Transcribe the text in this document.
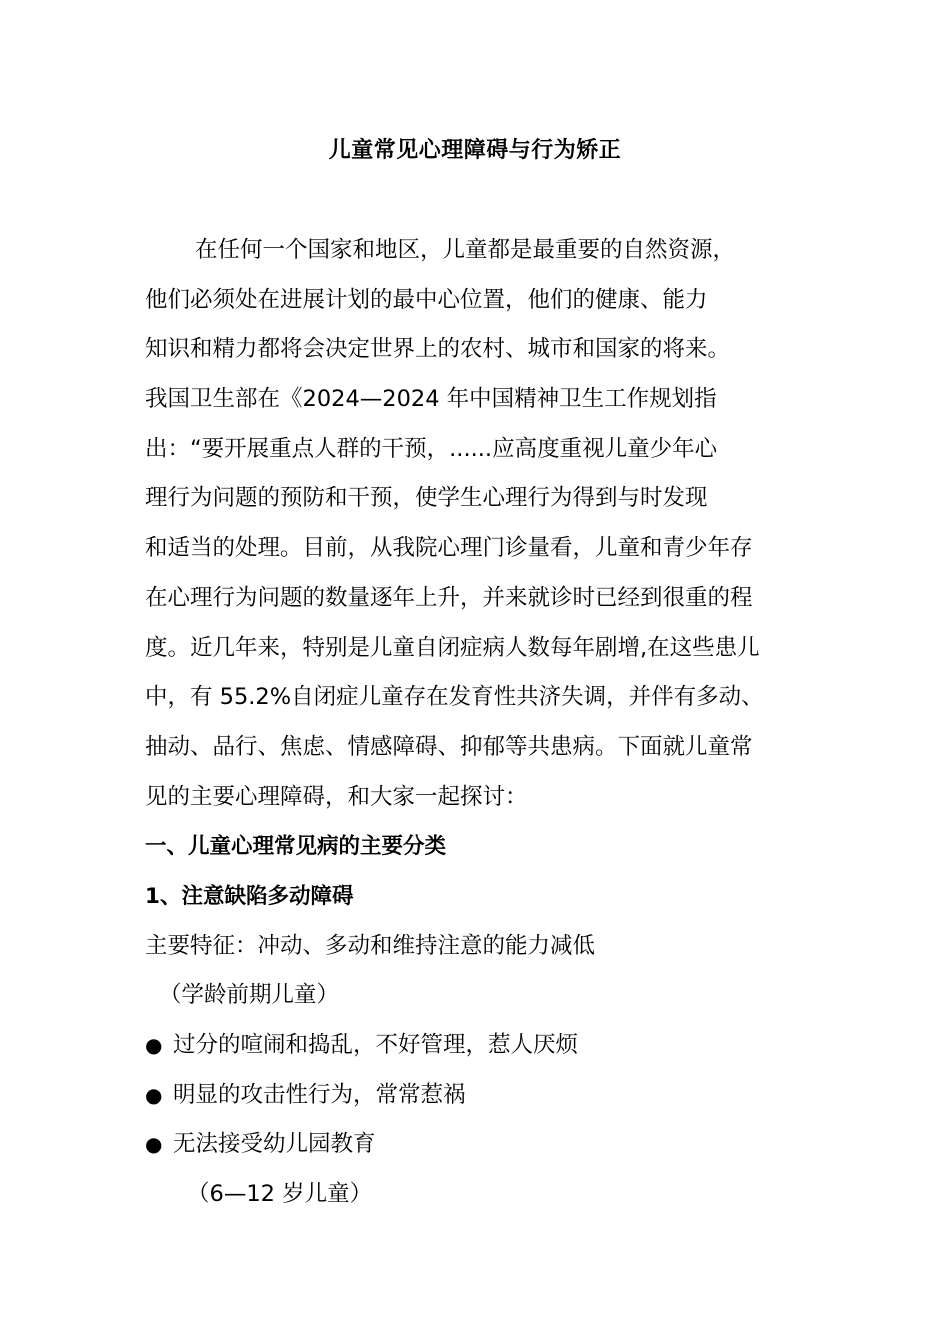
儿童常见心理障碍与行为矫正
在任何一个国家和地区，儿童都是最重要的自然资源，
他们必须处在进展计划的最中心位置，他们的健康、能力
知识和精力都将会决定世界上的农村、城市和国家的将来。
我国卫生部在《2024—2024 年中国精神卫生工作规划指
出：“要开展重点人群的干预，......应高度重视儿童少年心
理行为问题的预防和干预，使学生心理行为得到与时发现
和适当的处理。目前，从我院心理门诊量看，儿童和青少年存
在心理行为问题的数量逐年上升，并来就诊时已经到很重的程
度。近几年来，特别是儿童自闭症病人数每年剧增,在这些患儿
中，有 55.2%自闭症儿童存在发育性共济失调，并伴有多动、
抽动、品行、焦虑、情感障碍、抑郁等共患病。下面就儿童常
见的主要心理障碍，和大家一起探讨：
一、儿童心理常见病的主要分类
1、注意缺陷多动障碍
主要特征：冲动、多动和维持注意的能力减低
（学龄前期儿童）
● 过分的喧闹和捣乱，不好管理，惹人厌烦
● 明显的攻击性行为，常常惹祸
● 无法接受幼儿园教育
（6—12 岁儿童）
